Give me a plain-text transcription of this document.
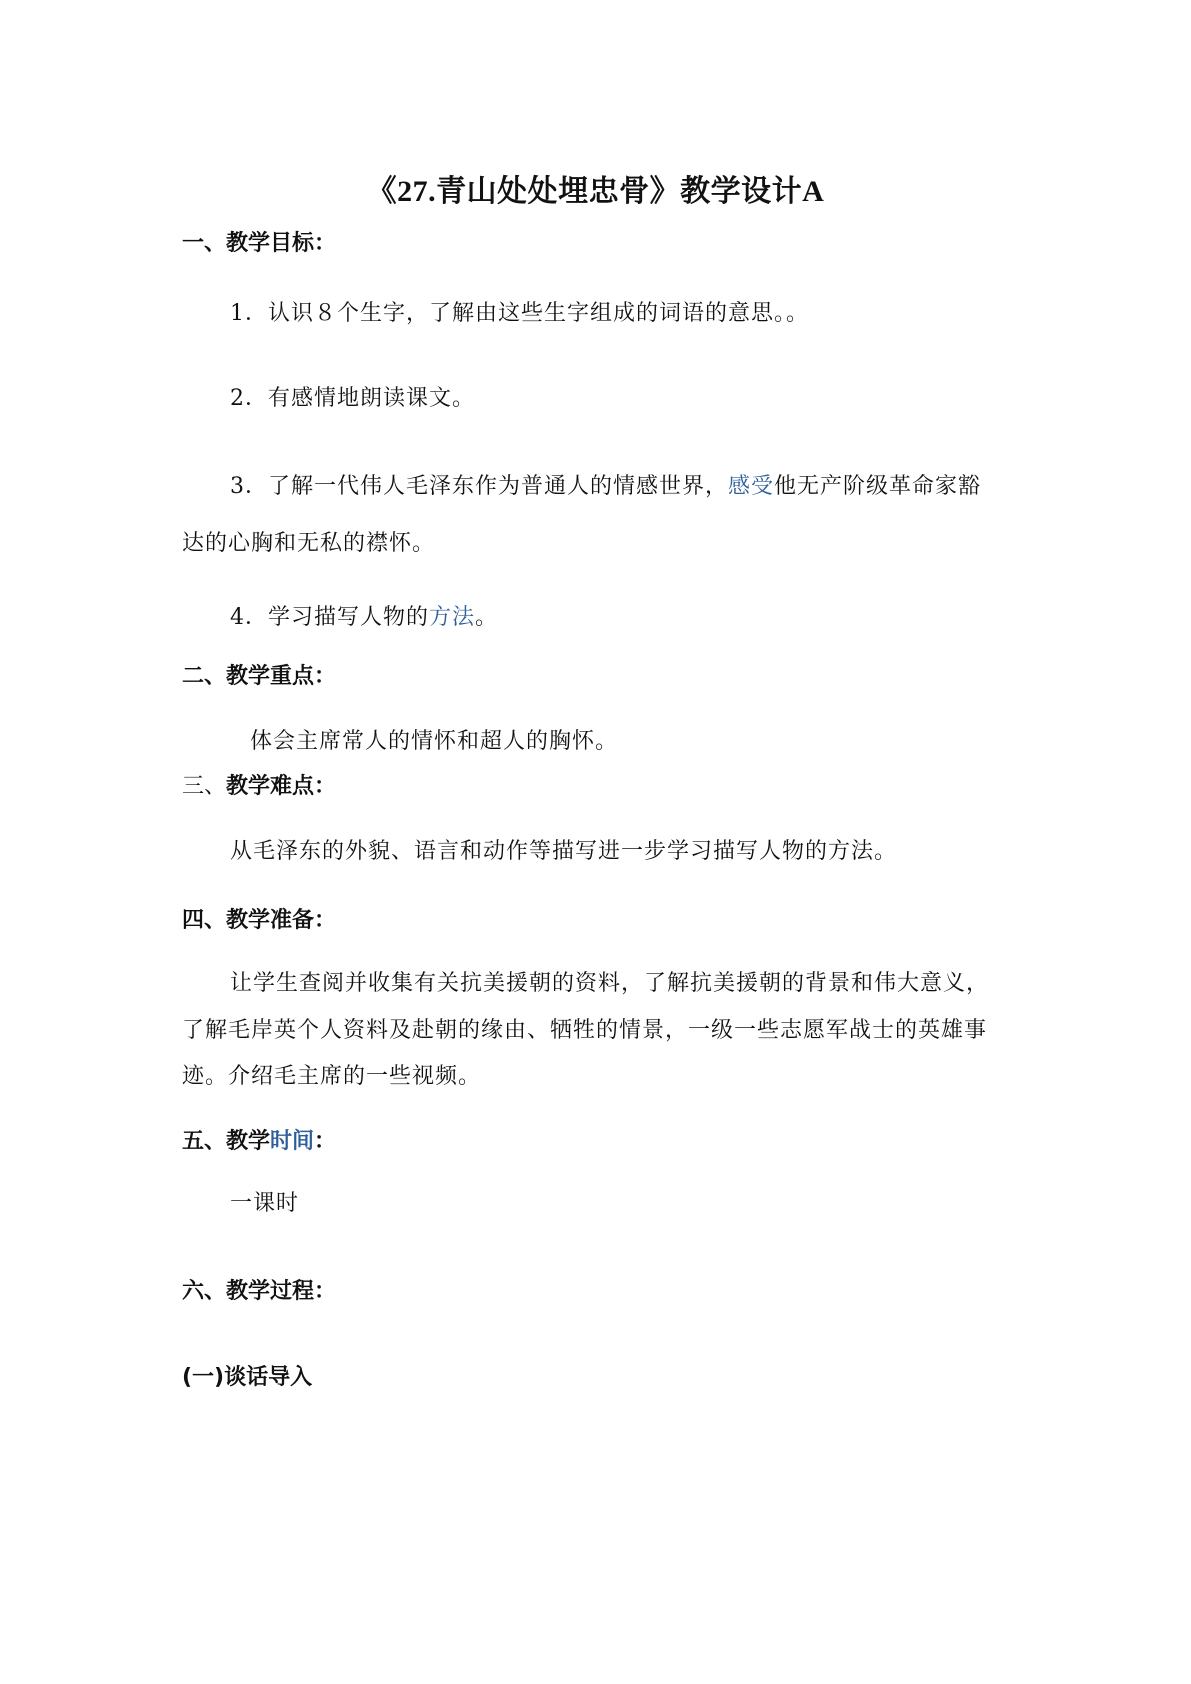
《27.青山处处埋忠骨》教学设计A
一、教学目标：
1．认识８个生字，了解由这些生字组成的词语的意思。。
2．有感情地朗读课文。
3．了解一代伟人毛泽东作为普通人的情感世界，感受他无产阶级革命家豁
达的心胸和无私的襟怀。
4．学习描写人物的方法。
二、教学重点：
体会主席常人的情怀和超人的胸怀。
三、教学难点：
从毛泽东的外貌、语言和动作等描写进一步学习描写人物的方法。
四、教学准备：
让学生查阅并收集有关抗美援朝的资料，了解抗美援朝的背景和伟大意义，
了解毛岸英个人资料及赴朝的缘由、牺牲的情景，一级一些志愿军战士的英雄事
迹。介绍毛主席的一些视频。
五、教学时间：
一课时
六、教学过程：
(一)谈话导入
